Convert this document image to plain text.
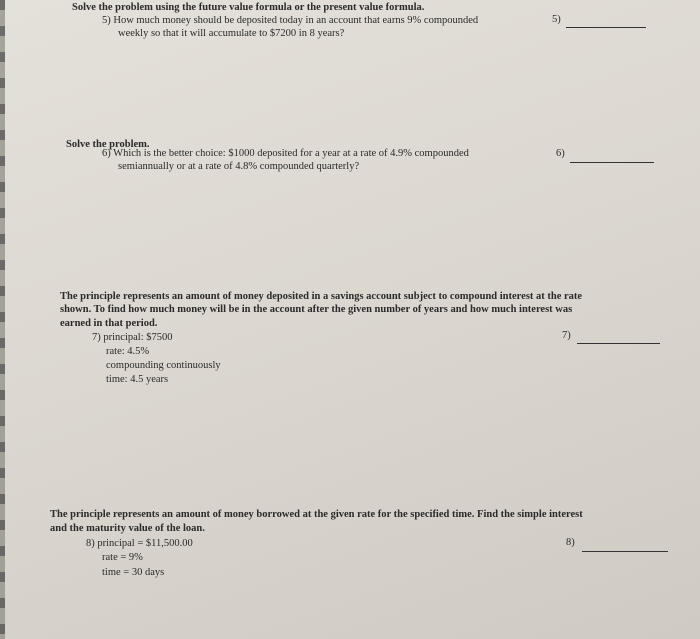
Solve the problem using the future value formula or the present value formula.
5) How much money should be deposited today in an account that earns 9% compounded
weekly so that it will accumulate to $7200 in 8 years?
5)
Solve the problem.
6) Which is the better choice: $1000 deposited for a year at a rate of 4.9% compounded
semiannually or at a rate of 4.8% compounded quarterly?
6)
The principle represents an amount of money deposited in a savings account subject to compound interest at the rate
shown. To find how much money will be in the account after the given number of years and how much interest was
earned in that period.
7) principal: $7500
rate: 4.5%
compounding continuously
time: 4.5 years
7)
The principle represents an amount of money borrowed at the given rate for the specified time. Find the simple interest
and the maturity value of the loan.
8) principal = $11,500.00
rate = 9%
time = 30 days
8)
